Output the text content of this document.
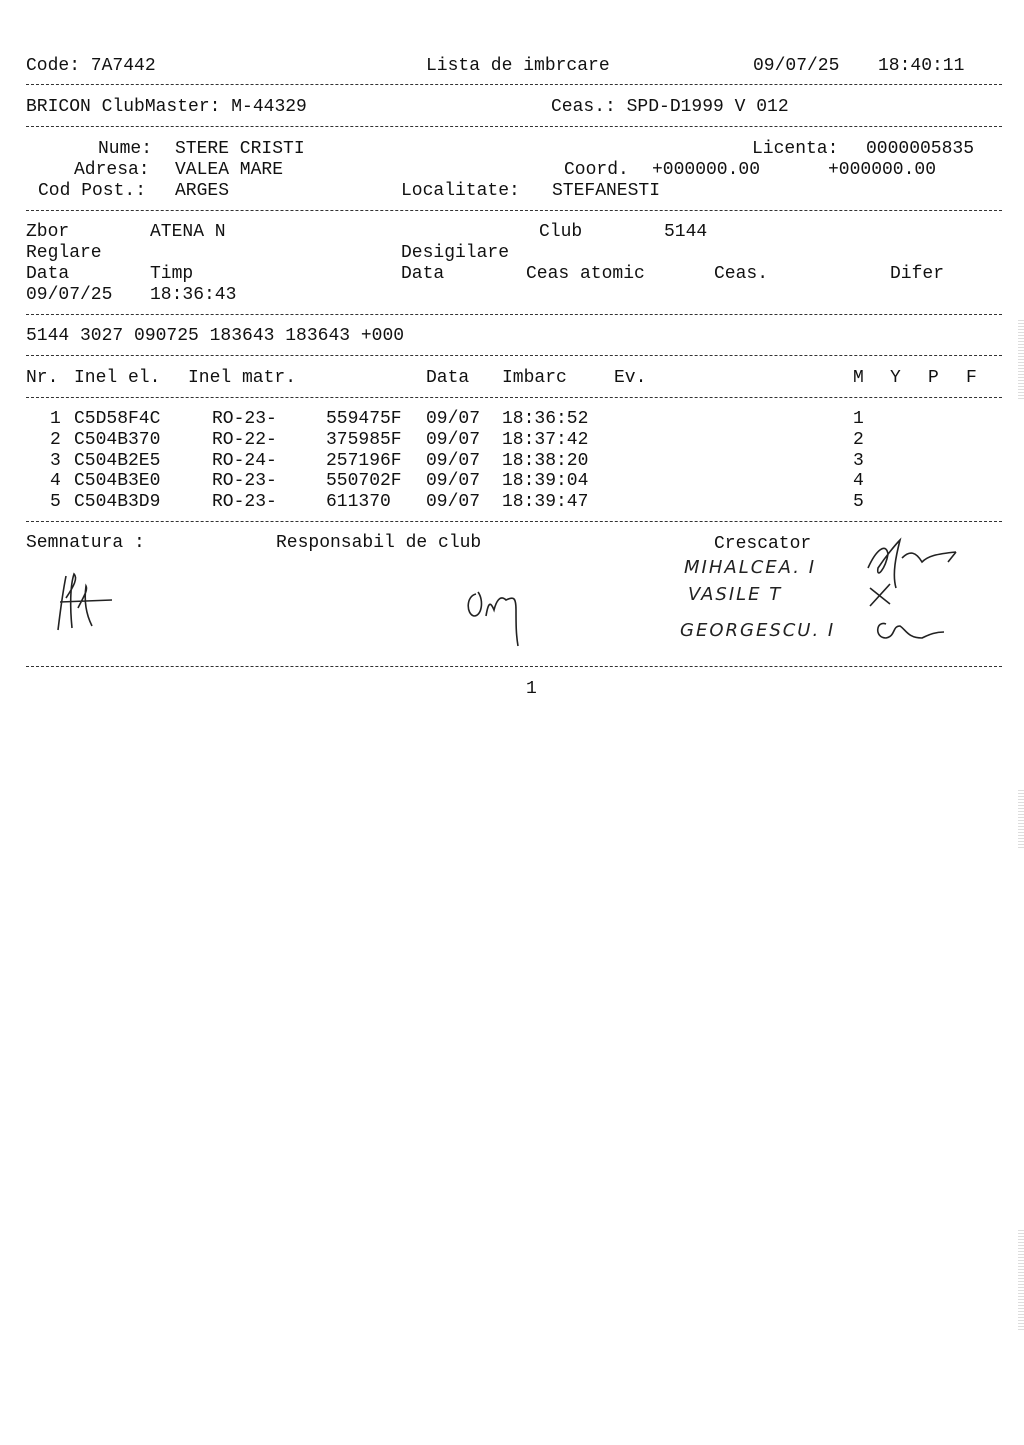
Code: 7A7442	Lista de imbrcare	09/07/25 18:40:11
BRICON ClubMaster: M-44329	Ceas.: SPD-D1999 V 012
Nume: STERE CRISTI	Licenta: 0000005835
Adresa: VALEA MARE	Coord. +000000.00	+000000.00
Cod Post.: ARGES	Localitate: STEFANESTI
Zbor	ATENA N	Club	5144
Reglare	Desigilare
Data	Timp	Data	Ceas atomic	Ceas.	Difer
09/07/25 18:36:43
5144 3027 090725 183643 183643 +000
Nr. Inel el. Inel matr.	Data Imbarc	Ev.	M Y P F
1 C5D58F4C	RO-23-	559475F 09/07 18:36:52	1
2 C504B370	RO-22-	375985F 09/07 18:37:42	2
3 C504B2E5	RO-24-	257196F 09/07 18:38:20	3
4 C504B3E0	RO-23-	550702F 09/07 18:39:04	4
5 C504B3D9	RO-23-	611370 09/07 18:39:47	5
Semnatura :	Responsabil de club	Crescator
MIHALCEA. I
VASILE T
GEORGESCU. I
1
